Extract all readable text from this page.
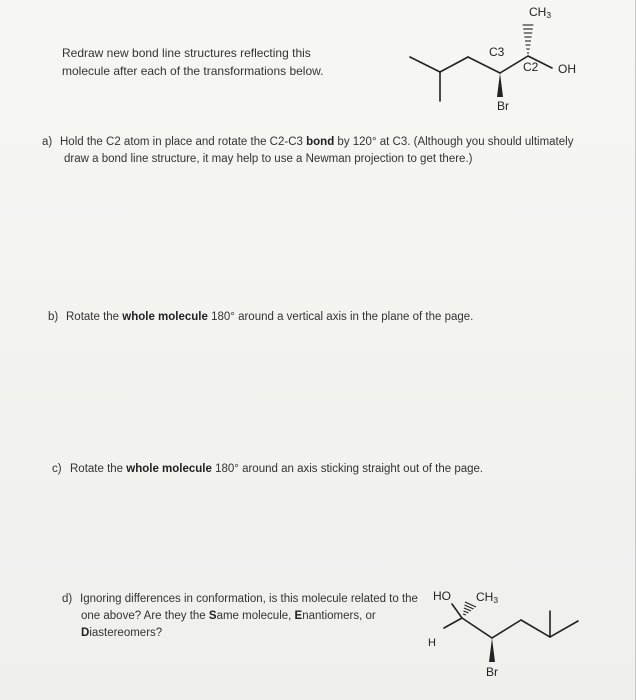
Redraw new bond line structures reflecting this
molecule after each of the transformations below.
CH3
C3
C2 OH
Br
HO CH3
H
Br
a) Hold the C2 atom in place and rotate the C2-C3 bond by 120° at C3. (Although you should ultimately
draw a bond line structure, it may help to use a Newman projection to get there.)
b) Rotate the whole molecule 180° around a vertical axis in the plane of the page.
c) Rotate the whole molecule 180° around an axis sticking straight out of the page.
d) Ignoring differences in conformation, is this molecule related to the
one above? Are they the Same molecule, Enantiomers, or
Diastereomers?
